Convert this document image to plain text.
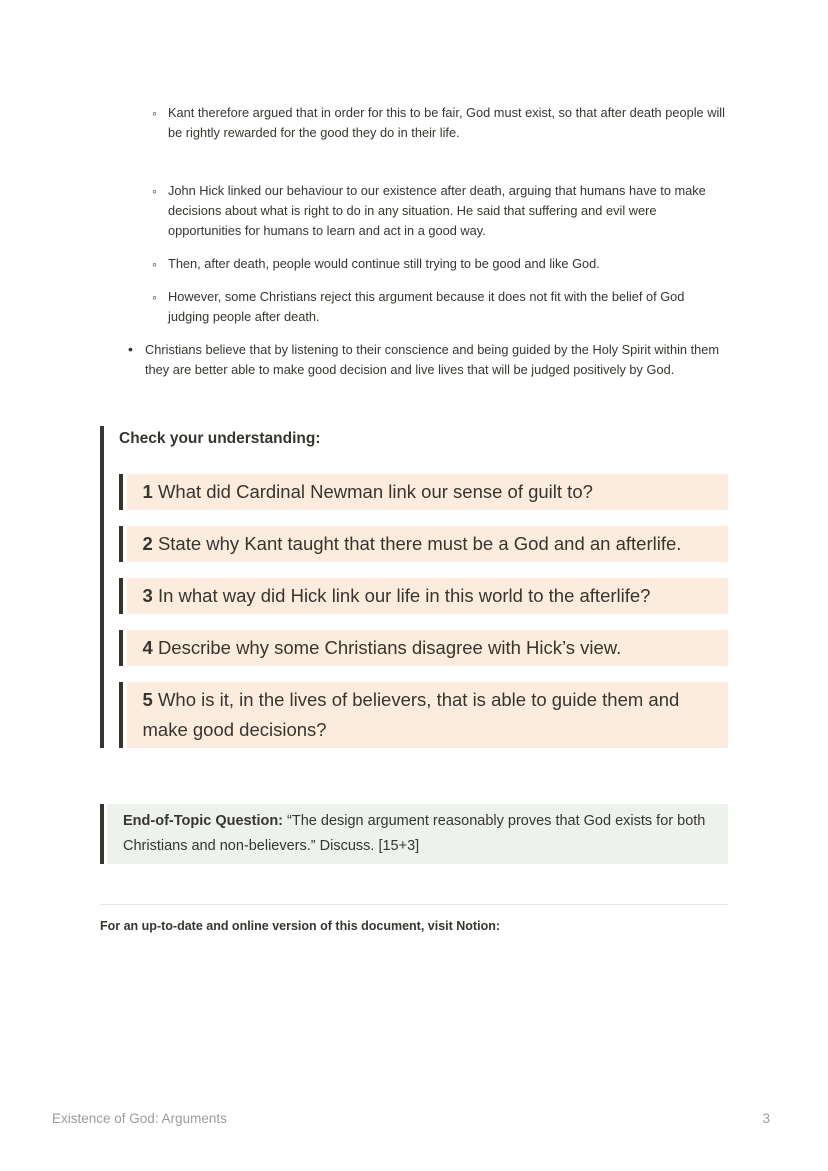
◦
Kant therefore argued that in order for this to be fair, God must exist, so that after death people will be rightly rewarded for the good they do in their life.
◦
John Hick linked our behaviour to our existence after death, arguing that humans have to make decisions about what is right to do in any situation. He said that suffering and evil were opportunities for humans to learn and act in a good way.
◦
Then, after death, people would continue still trying to be good and like God.
◦
However, some Christians reject this argument because it does not fit with the belief of God judging people after death.
•
Christians believe that by listening to their conscience and being guided by the Holy Spirit within them they are better able to make good decision and live lives that will be judged positively by God.
Check your understanding:
1 What did Cardinal Newman link our sense of guilt to?
2 State why Kant taught that there must be a God and an afterlife.
3 In what way did Hick link our life in this world to the afterlife?
4 Describe why some Christians disagree with Hick’s view.
5 Who is it, in the lives of believers, that is able to guide them and make good decisions?
End-of-Topic Question: “The design argument reasonably proves that God exists for both Christians and non-believers.” Discuss. [15+3]
For an up-to-date and online version of this document, visit Notion:
Existence of God: Arguments	3
